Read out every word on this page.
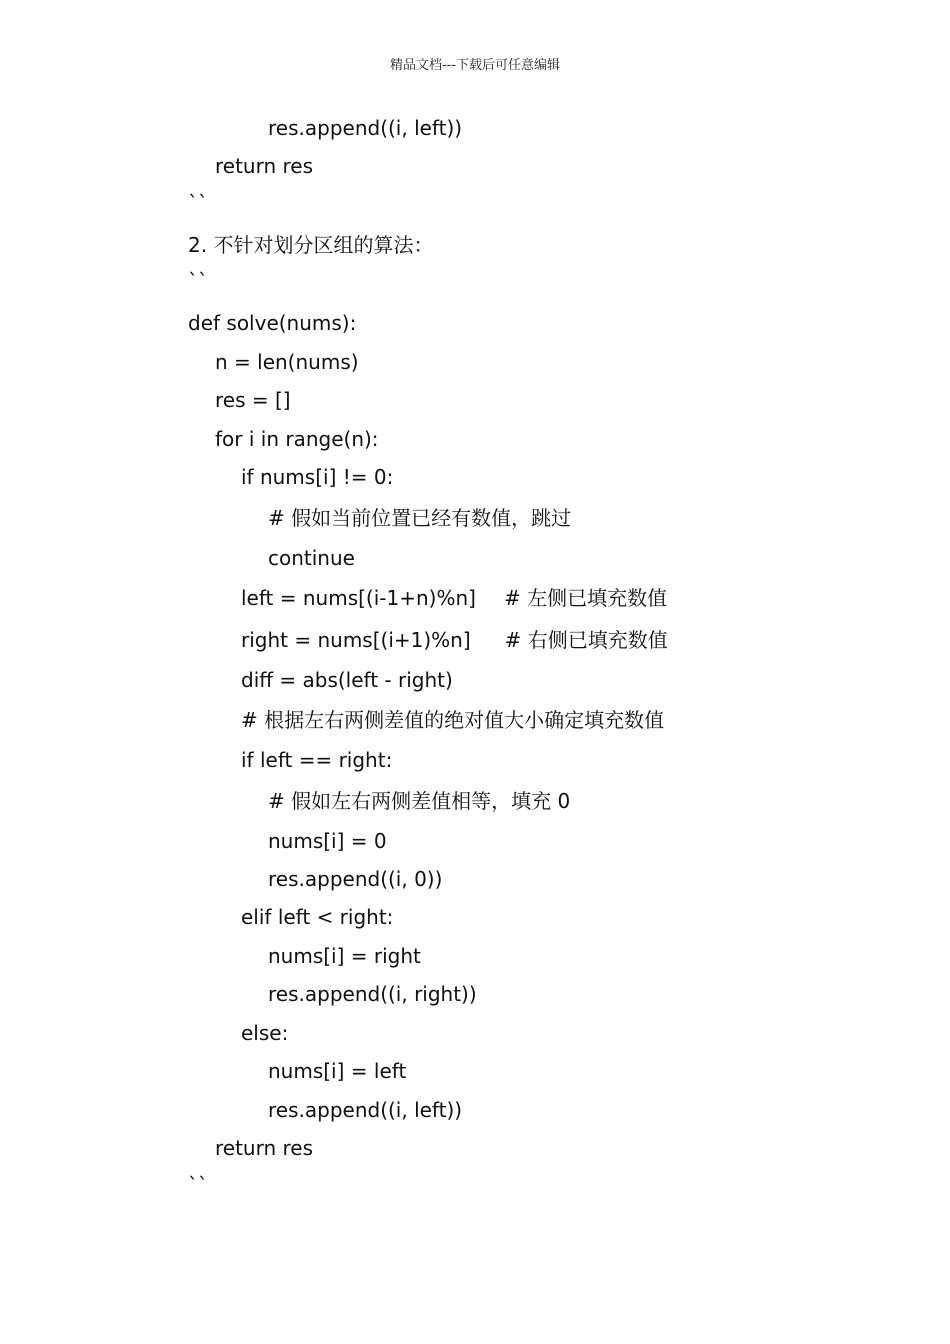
精品文档---下载后可任意编辑
res.append((i, left))
return res
``
2. 不针对划分区组的算法：
``
def solve(nums):
n = len(nums)
res = []
for i in range(n):
if nums[i] != 0:
# 假如当前位置已经有数值，跳过
continue
left = nums[(i-1+n)%n] # 左侧已填充数值
right = nums[(i+1)%n] # 右侧已填充数值
diff = abs(left - right)
# 根据左右两侧差值的绝对值大小确定填充数值
if left == right:
# 假如左右两侧差值相等，填充 0
nums[i] = 0
res.append((i, 0))
elif left < right:
nums[i] = right
res.append((i, right))
else:
nums[i] = left
res.append((i, left))
return res
``
